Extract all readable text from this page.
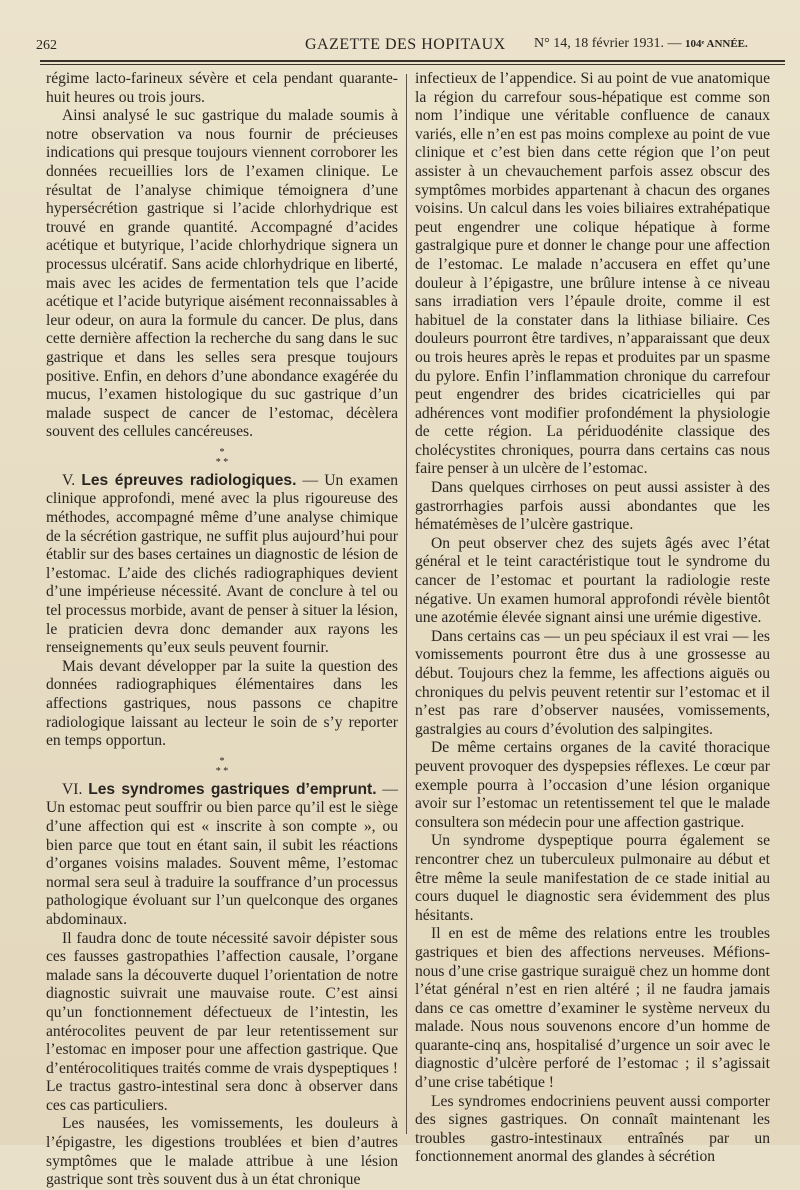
262	GAZETTE DES HOPITAUX N° 14, 18 février 1931. — 104ᵉ ANNÉE.

régime lacto-farineux sévère et cela pendant quarante-huit heures ou trois jours.

Ainsi analysé le suc gastrique du malade soumis à notre observation va nous fournir de précieuses indications qui presque toujours viennent corroborer les données recueillies lors de l’examen clinique. Le résultat de l’analyse chimique témoignera d’une hypersécrétion gastrique si l’acide chlorhydrique est trouvé en grande quantité. Accompagné d’acides acétique et butyrique, l’acide chlorhydrique signera un processus ulcératif. Sans acide chlorhydrique en liberté, mais avec les acides de fermentation tels que l’acide acétique et l’acide butyrique aisément reconnaissables à leur odeur, on aura la formule du cancer. De plus, dans cette dernière affection la recherche du sang dans le suc gastrique et dans les selles sera presque toujours positive. Enfin, en dehors d’une abondance exagérée du mucus, l’examen histologique du suc gastrique d’un malade suspect de cancer de l’estomac, décèlera souvent des cellules cancéreuses.

*
* *

V. Les épreuves radiologiques. — Un examen clinique approfondi, mené avec la plus rigoureuse des méthodes, accompagné même d’une analyse chimique de la sécrétion gastrique, ne suffit plus aujourd’hui pour établir sur des bases certaines un diagnostic de lésion de l’estomac. L’aide des clichés radiographiques devient d’une impérieuse nécessité. Avant de conclure à tel ou tel processus morbide, avant de penser à situer la lésion, le praticien devra donc demander aux rayons les renseignements qu’eux seuls peuvent fournir.

Mais devant développer par la suite la question des données radiographiques élémentaires dans les affections gastriques, nous passons ce chapitre radiologique laissant au lecteur le soin de s’y reporter en temps opportun.

*
* *

VI. Les syndromes gastriques d’emprunt. — Un estomac peut souffrir ou bien parce qu’il est le siège d’une affection qui est « inscrite à son compte », ou bien parce que tout en étant sain, il subit les réactions d’organes voisins malades. Souvent même, l’estomac normal sera seul à traduire la souffrance d’un processus pathologique évoluant sur l’un quelconque des organes abdominaux.

Il faudra donc de toute nécessité savoir dépister sous ces fausses gastropathies l’affection causale, l’organe malade sans la découverte duquel l’orientation de notre diagnostic suivrait une mauvaise route. C’est ainsi qu’un fonctionnement défectueux de l’intestin, les antérocolites peuvent de par leur retentissement sur l’estomac en imposer pour une affection gastrique. Que d’entérocolitiques traités comme de vrais dyspeptiques ! Le tractus gastro-intestinal sera donc à observer dans ces cas particuliers.

Les nausées, les vomissements, les douleurs à l’épigastre, les digestions troublées et bien d’autres symptômes que le malade attribue à une lésion gastrique sont très souvent dus à un état chronique

infectieux de l’appendice. Si au point de vue anatomique la région du carrefour sous-hépatique est comme son nom l’indique une véritable confluence de canaux variés, elle n’en est pas moins complexe au point de vue clinique et c’est bien dans cette région que l’on peut assister à un chevauchement parfois assez obscur des symptômes morbides appartenant à chacun des organes voisins. Un calcul dans les voies biliaires extrahépatique peut engendrer une colique hépatique à forme gastralgique pure et donner le change pour une affection de l’estomac. Le malade n’accusera en effet qu’une douleur à l’épigastre, une brûlure intense à ce niveau sans irradiation vers l’épaule droite, comme il est habituel de la constater dans la lithiase biliaire. Ces douleurs pourront être tardives, n’apparaissant que deux ou trois heures après le repas et produites par un spasme du pylore. Enfin l’inflammation chronique du carrefour peut engendrer des brides cicatricielles qui par adhérences vont modifier profondément la physiologie de cette région. La périduodénite classique des cholécystites chroniques, pourra dans certains cas nous faire penser à un ulcère de l’estomac.

Dans quelques cirrhoses on peut aussi assister à des gastrorrhagies parfois aussi abondantes que les hématémèses de l’ulcère gastrique.

On peut observer chez des sujets âgés avec l’état général et le teint caractéristique tout le syndrome du cancer de l’estomac et pourtant la radiologie reste négative. Un examen humoral approfondi révèle bientôt une azotémie élevée signant ainsi une urémie digestive.

Dans certains cas — un peu spéciaux il est vrai — les vomissements pourront être dus à une grossesse au début. Toujours chez la femme, les affections aiguës ou chroniques du pelvis peuvent retentir sur l’estomac et il n’est pas rare d’observer nausées, vomissements, gastralgies au cours d’évolution des salpingites.

De même certains organes de la cavité thoracique peuvent provoquer des dyspepsies réflexes. Le cœur par exemple pourra à l’occasion d’une lésion organique avoir sur l’estomac un retentissement tel que le malade consultera son médecin pour une affection gastrique.

Un syndrome dyspeptique pourra également se rencontrer chez un tuberculeux pulmonaire au début et être même la seule manifestation de ce stade initial au cours duquel le diagnostic sera évidemment des plus hésitants.

Il en est de même des relations entre les troubles gastriques et bien des affections nerveuses. Méfions-nous d’une crise gastrique suraiguë chez un homme dont l’état général n’est en rien altéré ; il ne faudra jamais dans ce cas omettre d’examiner le système nerveux du malade. Nous nous souvenons encore d’un homme de quarante-cinq ans, hospitalisé d’urgence un soir avec le diagnostic d’ulcère perforé de l’estomac ; il s’agissait d’une crise tabétique !

Les syndromes endocriniens peuvent aussi comporter des signes gastriques. On connaît maintenant les troubles gastro-intestinaux entraînés par un fonctionnement anormal des glandes à sécrétion
